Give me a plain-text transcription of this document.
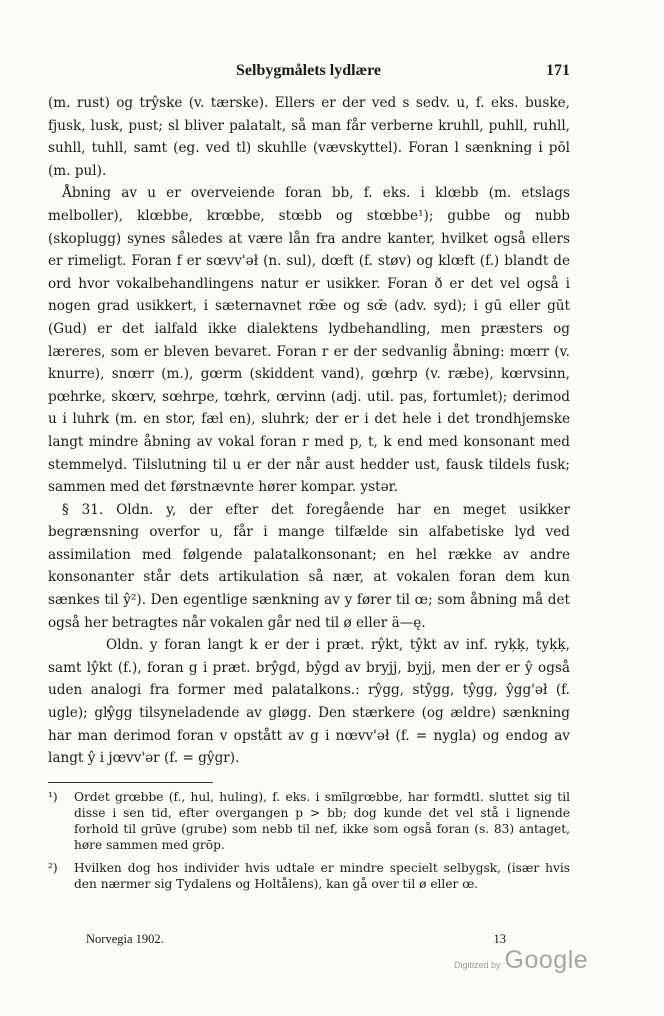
Selbygmålets lydlære	171

(m. rust) og trŷske (v. tærske). Ellers er der ved s sedv. u, f. eks. buske, fjusk, lusk, pust; sl bliver palatalt, så man får verberne kruhll, puhll, ruhll, suhll, tuhll, samt (eg. ved tl) skuhlle (vævskyttel). Foran l sænkning i pōl (m. pul).

Åbning av u er overveiende foran bb, f. eks. i klœbb (m. etslags melboller), klœbbe, krœbbe, stœbb og stœbbe¹); gubbe og nubb (skoplugg) synes således at være lån fra andre kanter, hvilket også ellers er rimeligt. Foran f er sœvv'əł (n. sul), dœft (f. støv) og klœft (f.) blandt de ord hvor vokalbehandlingens natur er usikker. Foran ð er det vel også i nogen grad usikkert, i sæternavnet rœ̄e og sœ̄ (adv. syd); i gū eller gūt (Gud) er det ialfald ikke dialektens lydbehandling, men præsters og læreres, som er bleven bevaret. Foran r er der sedvanlig åbning: mœrr (v. knurre), snœrr (m.), gœrm (skiddent vand), gœhrp (v. ræbe), kœrvsinn, pœhrke, skœrv, sœhrpe, tœhrk, œrvinn (adj. util. pas, fortumlet); derimod u i luhrk (m. en stor, fæl en), sluhrk; der er i det hele i det trondhjemske langt mindre åbning av vokal foran r med p, t, k end med konsonant med stemmelyd. Tilslutning til u er der når aust hedder ust, fausk tildels fusk; sammen med det førstnævnte hører kompar. ystər.

§ 31. Oldn. y, der efter det foregående har en meget usikker begrænsning overfor u, får i mange tilfælde sin alfabetiske lyd ved assimilation med følgende palatalkonsonant; en hel række av andre konsonanter står dets artikulation så nær, at vokalen foran dem kun sænkes til ŷ²). Den egentlige sænkning av y fører til œ; som åbning må det også her betragtes når vokalen går ned til ø eller ä—ę.

Oldn. y foran langt k er der i præt. rŷkt, tŷkt av inf. ryķķ, tyķķ, samt lŷkt (f.), foran g i præt. brŷgd, bŷgd av bryjj, byjj, men der er ŷ også uden analogi fra former med palatalkons.: rŷgg, stŷgg, tŷgg, ŷgg'əł (f. ugle); gŀŷgg tilsyneladende av gløgg. Den stærkere (og ældre) sænkning har man derimod foran v opstått av g i nœvv'əł (f. = nygla) og endog av langt ŷ i jœvv'ər (f. = gŷgr).

¹)	Ordet grœbbe (f., hul, huling), f. eks. i smīlgrœbbe, har formdtl. sluttet sig til disse i sen tid, efter overgangen p > bb; dog kunde det vel stå i lignende forhold til grūve (grube) som nebb til nef, ikke som også foran (s. 83) antaget, høre sammen med grōp.
²)	Hvilken dog hos individer hvis udtale er mindre specielt selbygsk, (især hvis den nærmer sig Tydalens og Holtålens), kan gå over til ø eller œ.
Norvegia 1902.	13
Digitized by Google
